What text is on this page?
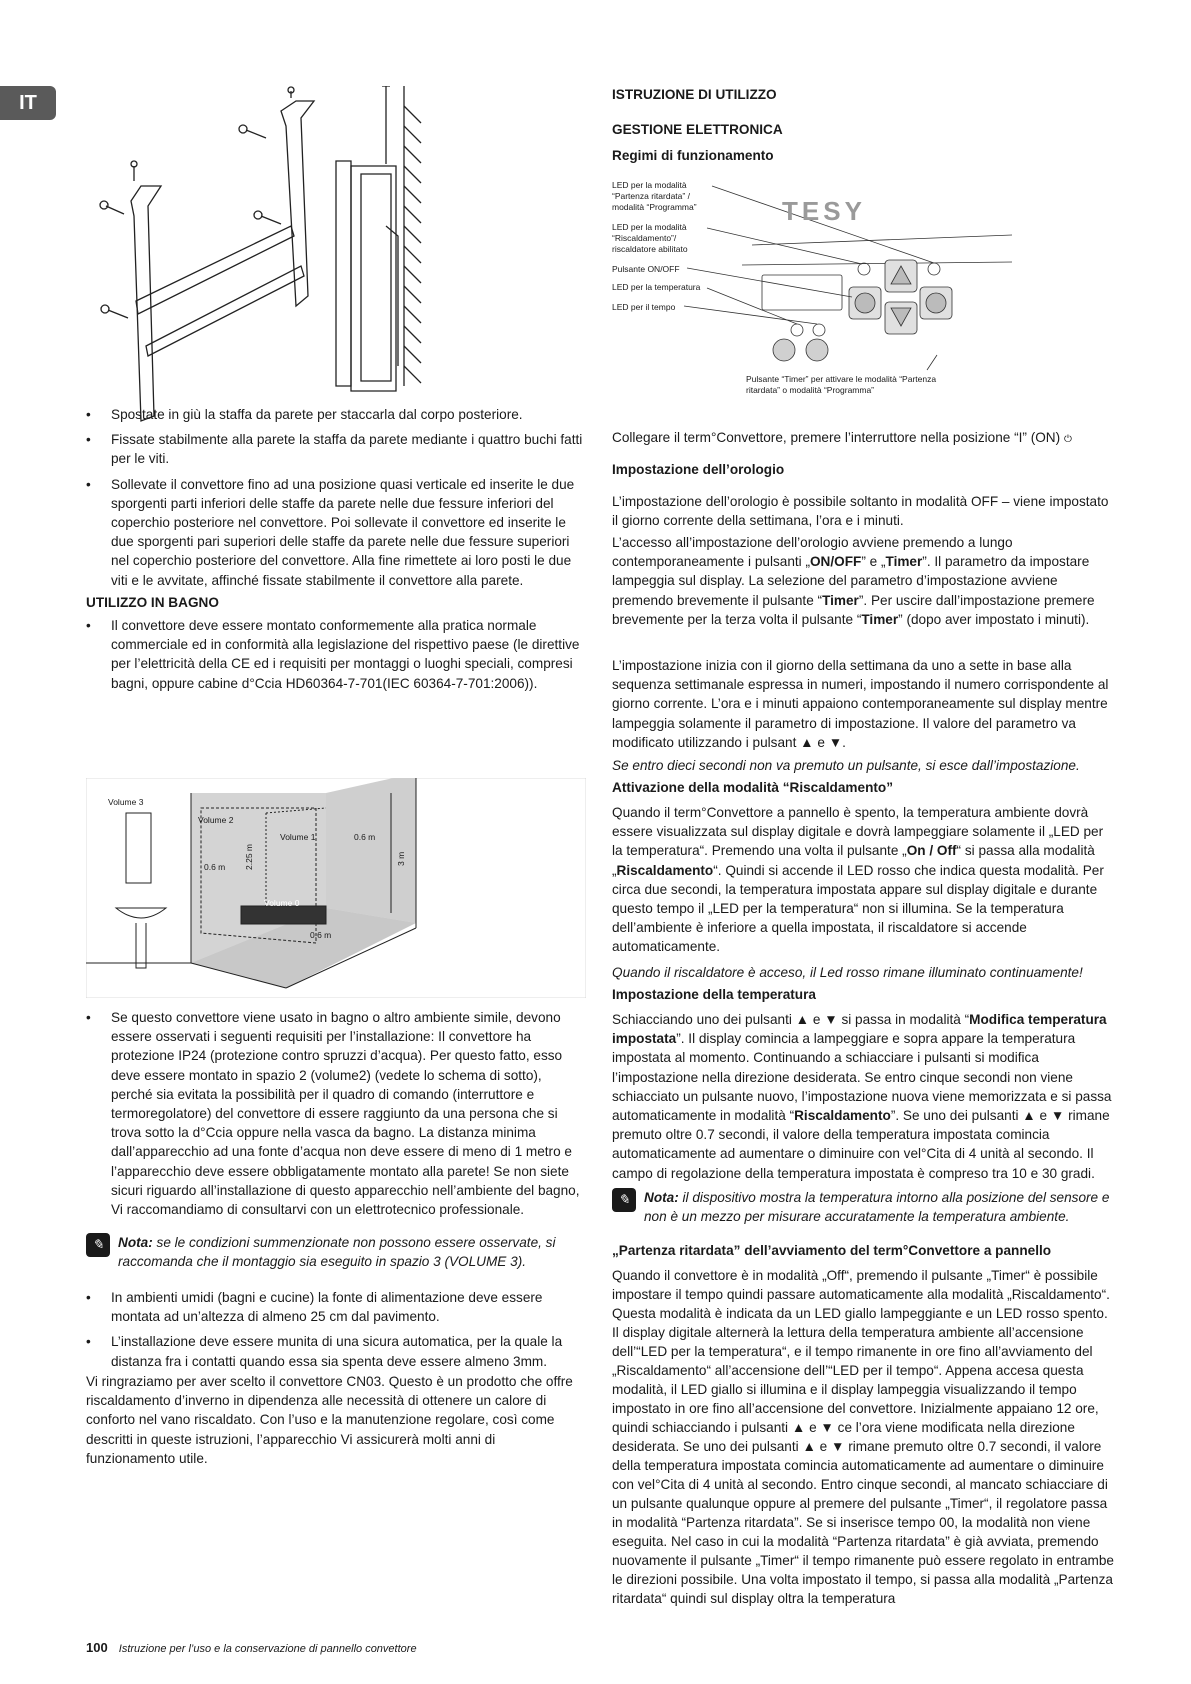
IT
• Spostate in giù la staffa da parete per staccarla dal corpo posteriore.
• Fissate stabilmente alla parete la staffa da parete mediante i quattro buchi fatti per le viti.
• Sollevate il convettore fino ad una posizione quasi verticale ed inserite le due sporgenti parti inferiori delle staffe da parete nelle due fessure inferiori del coperchio posteriore nel convettore. Poi sollevate il convettore ed inserite le due sporgenti pari superiori delle staffe da parete nelle due fessure superiori nel coperchio posteriore del convettore. Alla fine rimettete ai loro posti le due viti e le avvitate, affinché fissate stabilmente il convettore alla parete.
UTILIZZO IN BAGNO
• Il convettore deve essere montato conformemente alla pratica normale commerciale ed in conformità alla legislazione del rispettivo paese (le direttive per l’elettricità della CE ed i requisiti per montaggi o luoghi speciali, compresi bagni, oppure cabine d°Ccia HD60364-7-701(IEC 60364-7-701:2006)).
Volume 3
Volume 2
Volume 1
Volume 0
0.6 m
0.6 m
0.6 m
2.25 m	3 m
• Se questo convettore viene usato in bagno o altro ambiente simile, devono essere osservati i seguenti requisiti per l’installazione: Il convettore ha protezione IP24 (protezione contro spruzzi d’acqua). Per questo fatto, esso deve essere montato in spazio 2 (volume2) (vedete lo schema di sotto), perché sia evitata la possibilità per il quadro di comando (interruttore e termoregolatore) del convettore di essere raggiunto da una persona che si trova sotto la d°Ccia oppure nella vasca da bagno. La distanza minima dall’apparecchio ad una fonte d’acqua non deve essere di meno di 1 metro e l’apparecchio deve essere obbligatamente montato alla parete! Se non siete sicuri riguardo all’installazione di questo apparecchio nell’ambiente del bagno, Vi raccomandiamo di consultarvi con un elettrotecnico professionale.
✎	Nota: se le condizioni summenzionate non possono essere osservate, si raccomanda che il montaggio sia eseguito in spazio 3 (VOLUME 3).
• In ambienti umidi (bagni e cucine) la fonte di alimentazione deve essere montata ad un’altezza di almeno 25 cm dal pavimento.
• L’installazione deve essere munita di una sicura automatica, per la quale la distanza fra i contatti quando essa sia spenta deve essere almeno 3mm.

Vi ringraziamo per aver scelto il convettore CN03. Questo è un prodotto che offre riscaldamento d’inverno in dipendenza alle necessità di ottenere un calore di conforto nel vano riscaldato. Con l’uso e la manutenzione regolare, così come descritti in queste istruzioni, l’apparecchio Vi assicurerà molti anni di funzionamento utile.

ISTRUZIONE DI UTILIZZO
GESTIONE ELETTRONICA
Regimi di funzionamento
TESY
LED per la modalità “Partenza ritardata” / modalità “Programma”
LED per la modalità “Riscaldamento”/ riscaldatore abilitato
Pulsante ON/OFF
LED per la temperatura
LED per il tempo
Pulsante “Timer” per attivare le modalità “Partenza ritardata” o modalità “Programma”

Collegare il term°Convettore, premere l’interruttore nella posizione “I” (ON) ⏻

Impostazione dell’orologio

L’impostazione dell’orologio è possibile soltanto in modalità OFF – viene impostato il giorno corrente della settimana, l’ora e i minuti.

L’accesso all’impostazione dell’orologio avviene premendo a lungo contemporaneamente i pulsanti „ON/OFF” e „Timer”. Il parametro da impostare lampeggia sul display. La selezione del parametro d’impostazione avviene premendo brevemente il pulsante “Timer”. Per uscire dall’impostazione premere brevemente per la terza volta il pulsante “Timer” (dopo aver impostato i minuti).

L’impostazione inizia con il giorno della settimana da uno a sette in base alla sequenza settimanale espressa in numeri, impostando il numero corrispondente al giorno corrente. L’ora e i minuti appaiono contemporaneamente sul display mentre lampeggia solamente il parametro di impostazione. Il valore del parametro va modificato utilizzando i pulsant ▲ e ▼.

Se entro dieci secondi non va premuto un pulsante, si esce dall’impostazione.

Attivazione della modalità “Riscaldamento”

Quando il term°Convettore a pannello è spento, la temperatura ambiente dovrà essere visualizzata sul display digitale e dovrà lampeggiare solamente il „LED per la temperatura“. Premendo una volta il pulsante „On / Off“ si passa alla modalità „Riscaldamento“. Quindi si accende il LED rosso che indica questa modalità. Per circa due secondi, la temperatura impostata appare sul display digitale e durante questo tempo il „LED per la temperatura“ non si illumina. Se la temperatura dell’ambiente è inferiore a quella impostata, il riscaldatore si accende automaticamente.

Quando il riscaldatore è acceso, il Led rosso rimane illuminato continuamente!

Impostazione della temperatura

Schiacciando uno dei pulsanti ▲ e ▼ si passa in modalità “Modifica temperatura impostata”. Il display comincia a lampeggiare e sopra appare la temperatura impostata al momento. Continuando a schiacciare i pulsanti si modifica l’impostazione nella direzione desiderata. Se entro cinque secondi non viene schiacciato un pulsante nuovo, l’impostazione nuova viene memorizzata e si passa automaticamente in modalità “Riscaldamento”. Se uno dei pulsanti ▲ e ▼ rimane premuto oltre 0.7 secondi, il valore della temperatura impostata comincia automaticamente ad aumentare o diminuire con vel°Cita di 4 unità al secondo. Il campo di regolazione della temperatura impostata è compreso tra 10 e 30 gradi.

✎	Nota: il dispositivo mostra la temperatura intorno alla posizione del sensore e non è un mezzo per misurare accuratamente la temperatura ambiente.
„Partenza ritardata” dell’avviamento del term°Convettore a pannello

Quando il convettore è in modalità „Off“, premendo il pulsante „Timer“ è possibile impostare il tempo quindi passare automaticamente alla modalità „Riscaldamento“. Questa modalità è indicata da un LED giallo lampeggiante e un LED rosso spento. Il display digitale alternerà la lettura della temperatura ambiente all’accensione dell’“LED per la temperatura“, e il tempo rimanente in ore fino all’avviamento del „Riscaldamento“ all’accensione dell’“LED per il tempo“. Appena accesa questa modalità, il LED giallo si illumina e il display lampeggia visualizzando il tempo impostato in ore fino all’accensione del convettore. Inizialmente appaiano 12 ore, quindi schiacciando i pulsanti ▲ e ▼ ce l’ora viene modificata nella direzione desiderata. Se uno dei pulsanti ▲ e ▼ rimane premuto oltre 0.7 secondi, il valore della temperatura impostata comincia automaticamente ad aumentare o diminuire con vel°Cita di 4 unità al secondo. Entro cinque secondi, al mancato schiacciare di un pulsante qualunque oppure al premere del pulsante „Timer“, il regolatore passa in modalità “Partenza ritardata”. Se si inserisce tempo 00, la modalità non viene eseguita. Nel caso in cui la modalità “Partenza ritardata” è già avviata, premendo nuovamente il pulsante „Timer“ il tempo rimanente può essere regolato in entrambe le direzioni possibile. Una volta impostato il tempo, si passa alla modalità „Partenza ritardata“ quindi sul display oltra la temperatura

100 Istruzione per l’uso e la conservazione di pannello convettore
